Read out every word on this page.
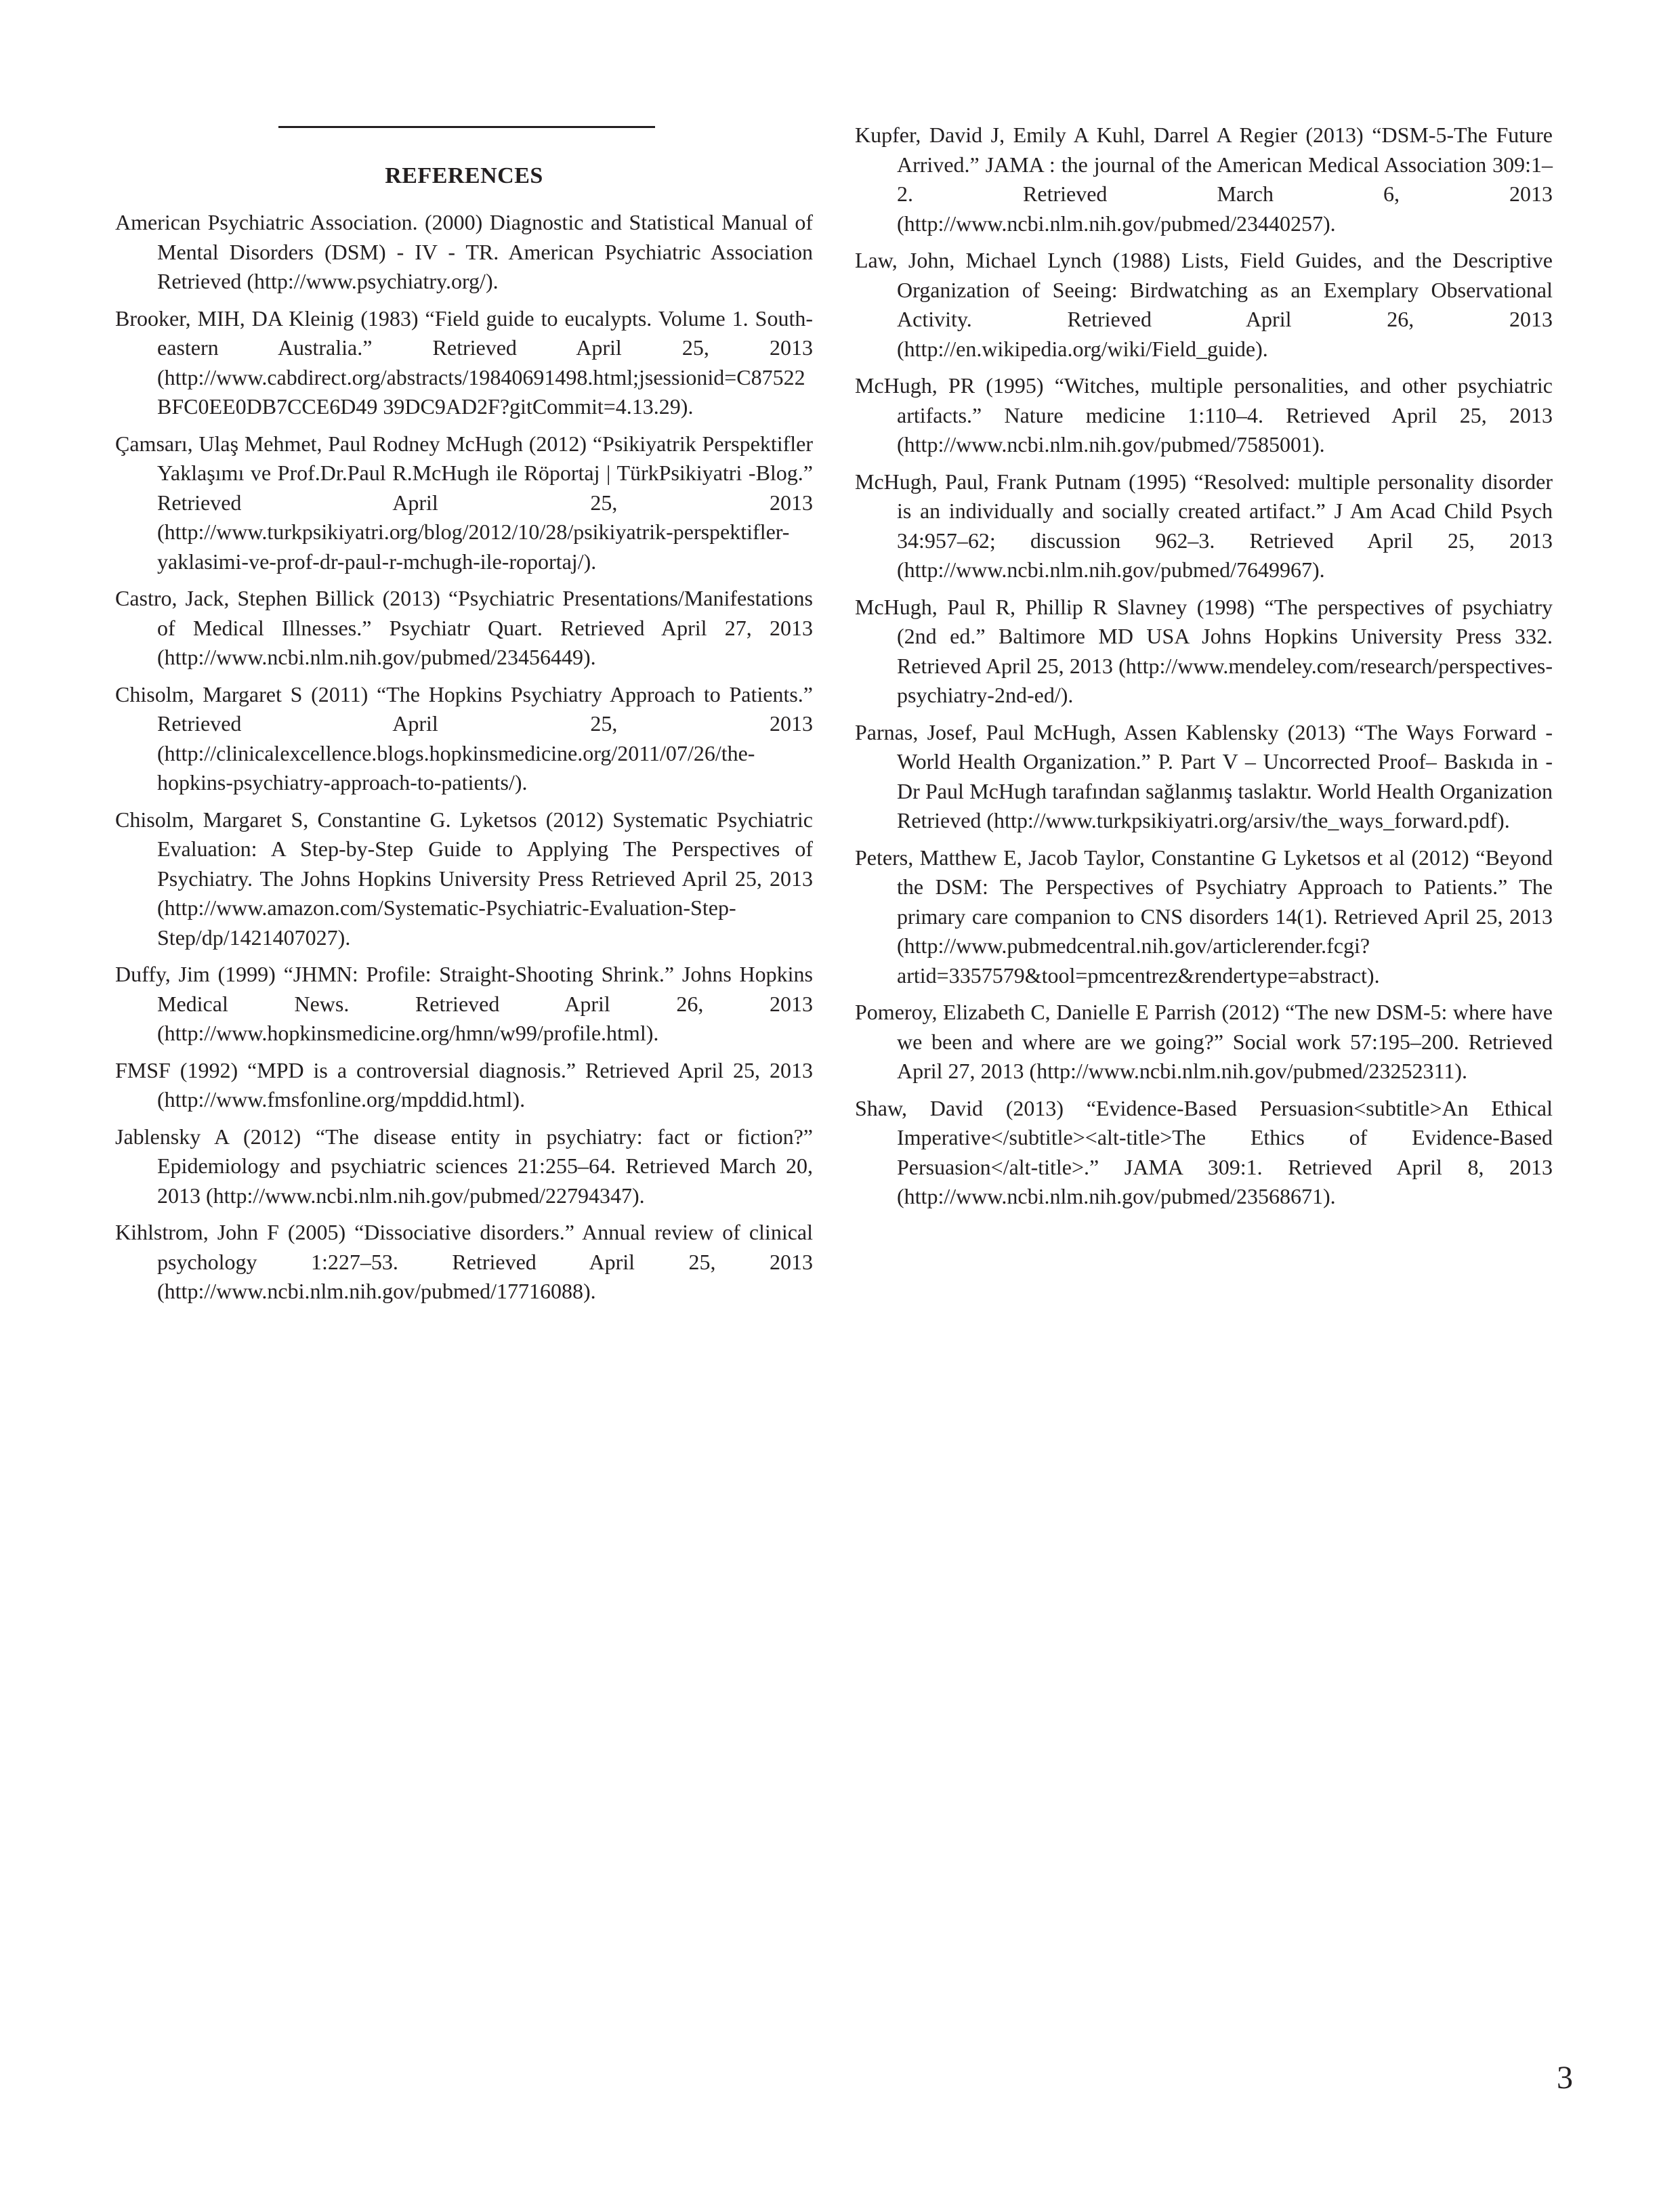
REFERENCES
American Psychiatric Association. (2000) Diagnostic and Statistical Manual of Mental Disorders (DSM) - IV - TR. American Psychiatric Association Retrieved (http://www.psychiatry.org/).
Brooker, MIH, DA Kleinig (1983) “Field guide to eucalypts. Volume 1. South-eastern Australia.” Retrieved April 25, 2013 (http://www.cabdirect.org/abstracts/19840691498.html;jsessionid=C87522BFC0EE0DB7CCE6D49 39DC9AD2F?gitCommit=4.13.29).
Çamsarı, Ulaş Mehmet, Paul Rodney McHugh (2012) “Psikiyatrik Perspektifler Yaklaşımı ve Prof.Dr.Paul R.McHugh ile Röportaj | TürkPsikiyatri -Blog.” Retrieved April 25, 2013 (http://www.turkpsikiyatri.org/blog/2012/10/28/psikiyatrik-perspektifler-yaklasimi-ve-prof-dr-paul-r-mchugh-ile-roportaj/).
Castro, Jack, Stephen Billick (2013) “Psychiatric Presentations/Manifestations of Medical Illnesses.” Psychiatr Quart. Retrieved April 27, 2013 (http://www.ncbi.nlm.nih.gov/pubmed/23456449).
Chisolm, Margaret S (2011) “The Hopkins Psychiatry Approach to Patients.” Retrieved April 25, 2013 (http://clinicalexcellence.blogs.hopkinsmedicine.org/2011/07/26/the-hopkins-psychiatry-approach-to-patients/).
Chisolm, Margaret S, Constantine G. Lyketsos (2012) Systematic Psychiatric Evaluation: A Step-by-Step Guide to Applying The Perspectives of Psychiatry. The Johns Hopkins University Press Retrieved April 25, 2013 (http://www.amazon.com/Systematic-Psychiatric-Evaluation-Step-Step/dp/1421407027).
Duffy, Jim (1999) “JHMN: Profile: Straight-Shooting Shrink.” Johns Hopkins Medical News. Retrieved April 26, 2013 (http://www.hopkinsmedicine.org/hmn/w99/profile.html).
FMSF (1992) “MPD is a controversial diagnosis.” Retrieved April 25, 2013 (http://www.fmsfonline.org/mpddid.html).
Jablensky A (2012) “The disease entity in psychiatry: fact or fiction?” Epidemiology and psychiatric sciences 21:255–64. Retrieved March 20, 2013 (http://www.ncbi.nlm.nih.gov/pubmed/22794347).
Kihlstrom, John F (2005) “Dissociative disorders.” Annual review of clinical psychology 1:227–53. Retrieved April 25, 2013 (http://www.ncbi.nlm.nih.gov/pubmed/17716088).
Kupfer, David J, Emily A Kuhl, Darrel A Regier (2013) “DSM-5-The Future Arrived.” JAMA : the journal of the American Medical Association 309:1–2. Retrieved March 6, 2013 (http://www.ncbi.nlm.nih.gov/pubmed/23440257).
Law, John, Michael Lynch (1988) Lists, Field Guides, and the Descriptive Organization of Seeing: Birdwatching as an Exemplary Observational Activity. Retrieved April 26, 2013 (http://en.wikipedia.org/wiki/Field_guide).
McHugh, PR (1995) “Witches, multiple personalities, and other psychiatric artifacts.” Nature medicine 1:110–4. Retrieved April 25, 2013 (http://www.ncbi.nlm.nih.gov/pubmed/7585001).
McHugh, Paul, Frank Putnam (1995) “Resolved: multiple personality disorder is an individually and socially created artifact.” J Am Acad Child Psych 34:957–62; discussion 962–3. Retrieved April 25, 2013 (http://www.ncbi.nlm.nih.gov/pubmed/7649967).
McHugh, Paul R, Phillip R Slavney (1998) “The perspectives of psychiatry (2nd ed.” Baltimore MD USA Johns Hopkins University Press 332. Retrieved April 25, 2013 (http://www.mendeley.com/research/perspectives-psychiatry-2nd-ed/).
Parnas, Josef, Paul McHugh, Assen Kablensky (2013) “The Ways Forward - World Health Organization.” P. Part V – Uncorrected Proof– Baskıda in - Dr Paul McHugh tarafından sağlanmış taslaktır. World Health Organization Retrieved (http://www.turkpsikiyatri.org/arsiv/the_ways_forward.pdf).
Peters, Matthew E, Jacob Taylor, Constantine G Lyketsos et al (2012) “Beyond the DSM: The Perspectives of Psychiatry Approach to Patients.” The primary care companion to CNS disorders 14(1). Retrieved April 25, 2013 (http://www.pubmedcentral.nih.gov/articlerender.fcgi?artid=3357579&tool=pmcentrez&rendertype=abstract).
Pomeroy, Elizabeth C, Danielle E Parrish (2012) “The new DSM-5: where have we been and where are we going?” Social work 57:195–200. Retrieved April 27, 2013 (http://www.ncbi.nlm.nih.gov/pubmed/23252311).
Shaw, David (2013) “Evidence-Based Persuasion<subtitle>An Ethical Imperative</subtitle><alt-title>The Ethics of Evidence-Based Persuasion</alt-title>.” JAMA 309:1. Retrieved April 8, 2013 (http://www.ncbi.nlm.nih.gov/pubmed/23568671).
3
